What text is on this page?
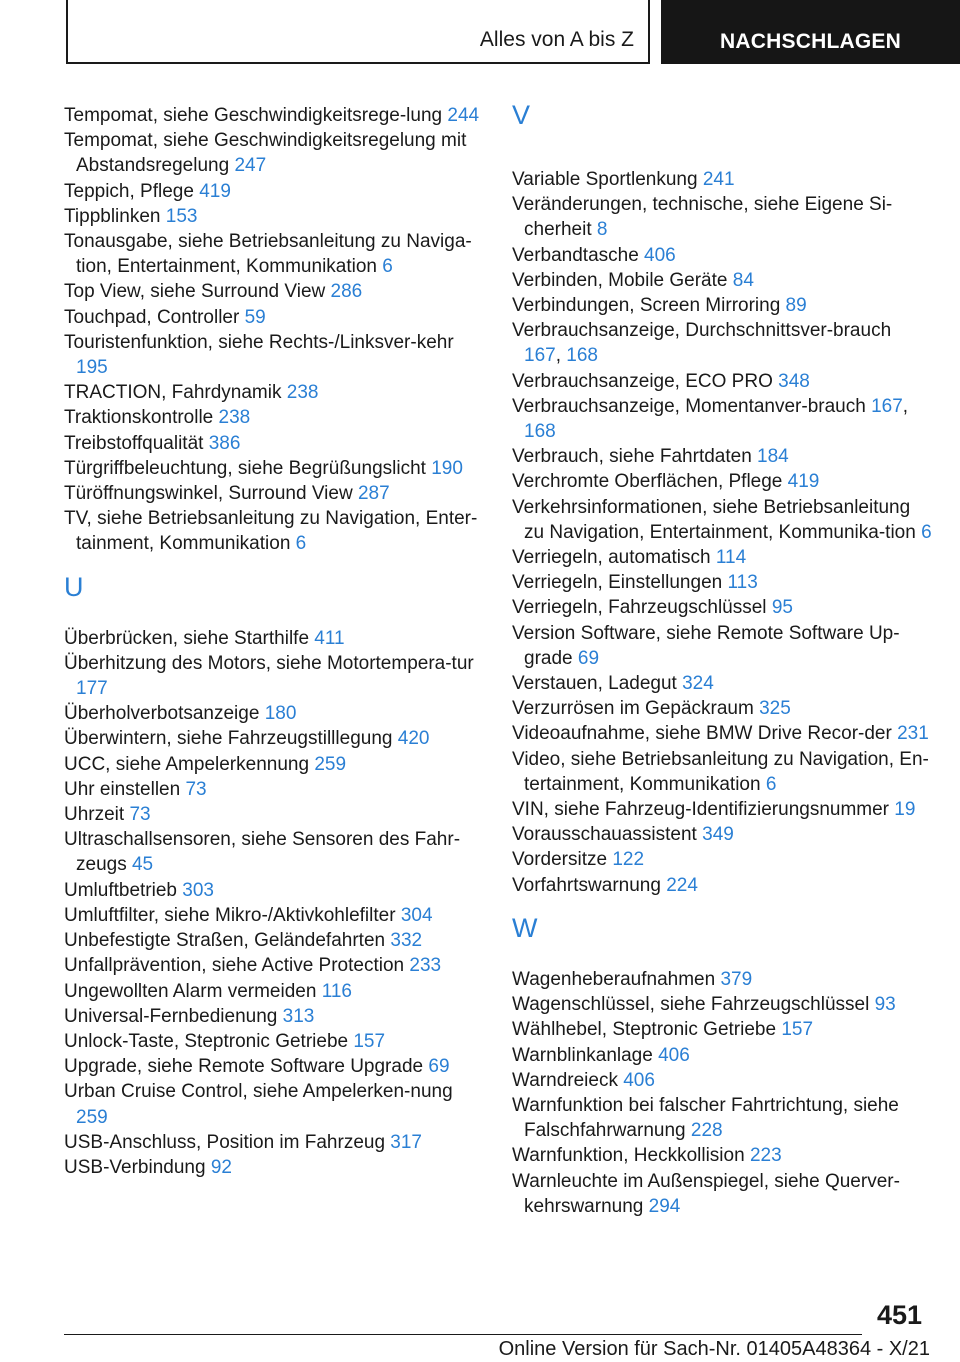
Alles von A bis Z	NACHSCHLAGEN
Tempomat, siehe Geschwindigkeitsrege‐lung 244
Tempomat, siehe Geschwindigkeitsregelung mit Abstandsregelung 247
Teppich, Pflege 419
Tippblinken 153
Tonausgabe, siehe Betriebsanleitung zu Naviga‐tion, Entertainment, Kommunikation 6
Top View, siehe Surround View 286
Touchpad, Controller 59
Touristenfunktion, siehe Rechts-/Linksver‐kehr 195
TRACTION, Fahrdynamik 238
Traktionskontrolle 238
Treibstoffqualität 386
Türgriffbeleuchtung, siehe Begrüßungslicht 190
Türöffnungswinkel, Surround View 287
TV, siehe Betriebsanleitung zu Navigation, Enter‐tainment, Kommunikation 6
U
Überbrücken, siehe Starthilfe 411
Überhitzung des Motors, siehe Motortempera‐tur 177
Überholverbotsanzeige 180
Überwintern, siehe Fahrzeugstilllegung 420
UCC, siehe Ampelerkennung 259
Uhr einstellen 73
Uhrzeit 73
Ultraschallsensoren, siehe Sensoren des Fahr‐zeugs 45
Umluftbetrieb 303
Umluftfilter, siehe Mikro-/Aktivkohlefilter 304
Unbefestigte Straßen, Geländefahrten 332
Unfallprävention, siehe Active Protection 233
Ungewollten Alarm vermeiden 116
Universal-Fernbedienung 313
Unlock-Taste, Steptronic Getriebe 157
Upgrade, siehe Remote Software Upgrade 69
Urban Cruise Control, siehe Ampelerken‐nung 259
USB-Anschluss, Position im Fahrzeug 317
USB-Verbindung 92
V
Variable Sportlenkung 241
Veränderungen, technische, siehe Eigene Si‐cherheit 8
Verbandtasche 406
Verbinden, Mobile Geräte 84
Verbindungen, Screen Mirroring 89
Verbrauchsanzeige, Durchschnittsver‐brauch 167, 168
Verbrauchsanzeige, ECO PRO 348
Verbrauchsanzeige, Momentanver‐brauch 167, 168
Verbrauch, siehe Fahrtdaten 184
Verchromte Oberflächen, Pflege 419
Verkehrsinformationen, siehe Betriebsanleitung zu Navigation, Entertainment, Kommunika‐tion 6
Verriegeln, automatisch 114
Verriegeln, Einstellungen 113
Verriegeln, Fahrzeugschlüssel 95
Version Software, siehe Remote Software Up‐grade 69
Verstauen, Ladegut 324
Verzurrösen im Gepäckraum 325
Videoaufnahme, siehe BMW Drive Recor‐der 231
Video, siehe Betriebsanleitung zu Navigation, En‐tertainment, Kommunikation 6
VIN, siehe Fahrzeug-Identifizierungsnummer 19
Vorausschauassistent 349
Vordersitze 122
Vorfahrtswarnung 224
W
Wagenheberaufnahmen 379
Wagenschlüssel, siehe Fahrzeugschlüssel 93
Wählhebel, Steptronic Getriebe 157
Warnblinkanlage 406
Warndreieck 406
Warnfunktion bei falscher Fahrtrichtung, siehe Falschfahrwarnung 228
Warnfunktion, Heckkollision 223
Warnleuchte im Außenspiegel, siehe Querver‐kehrswarnung 294
451
Online Version für Sach-Nr. 01405A48364 - X/21
